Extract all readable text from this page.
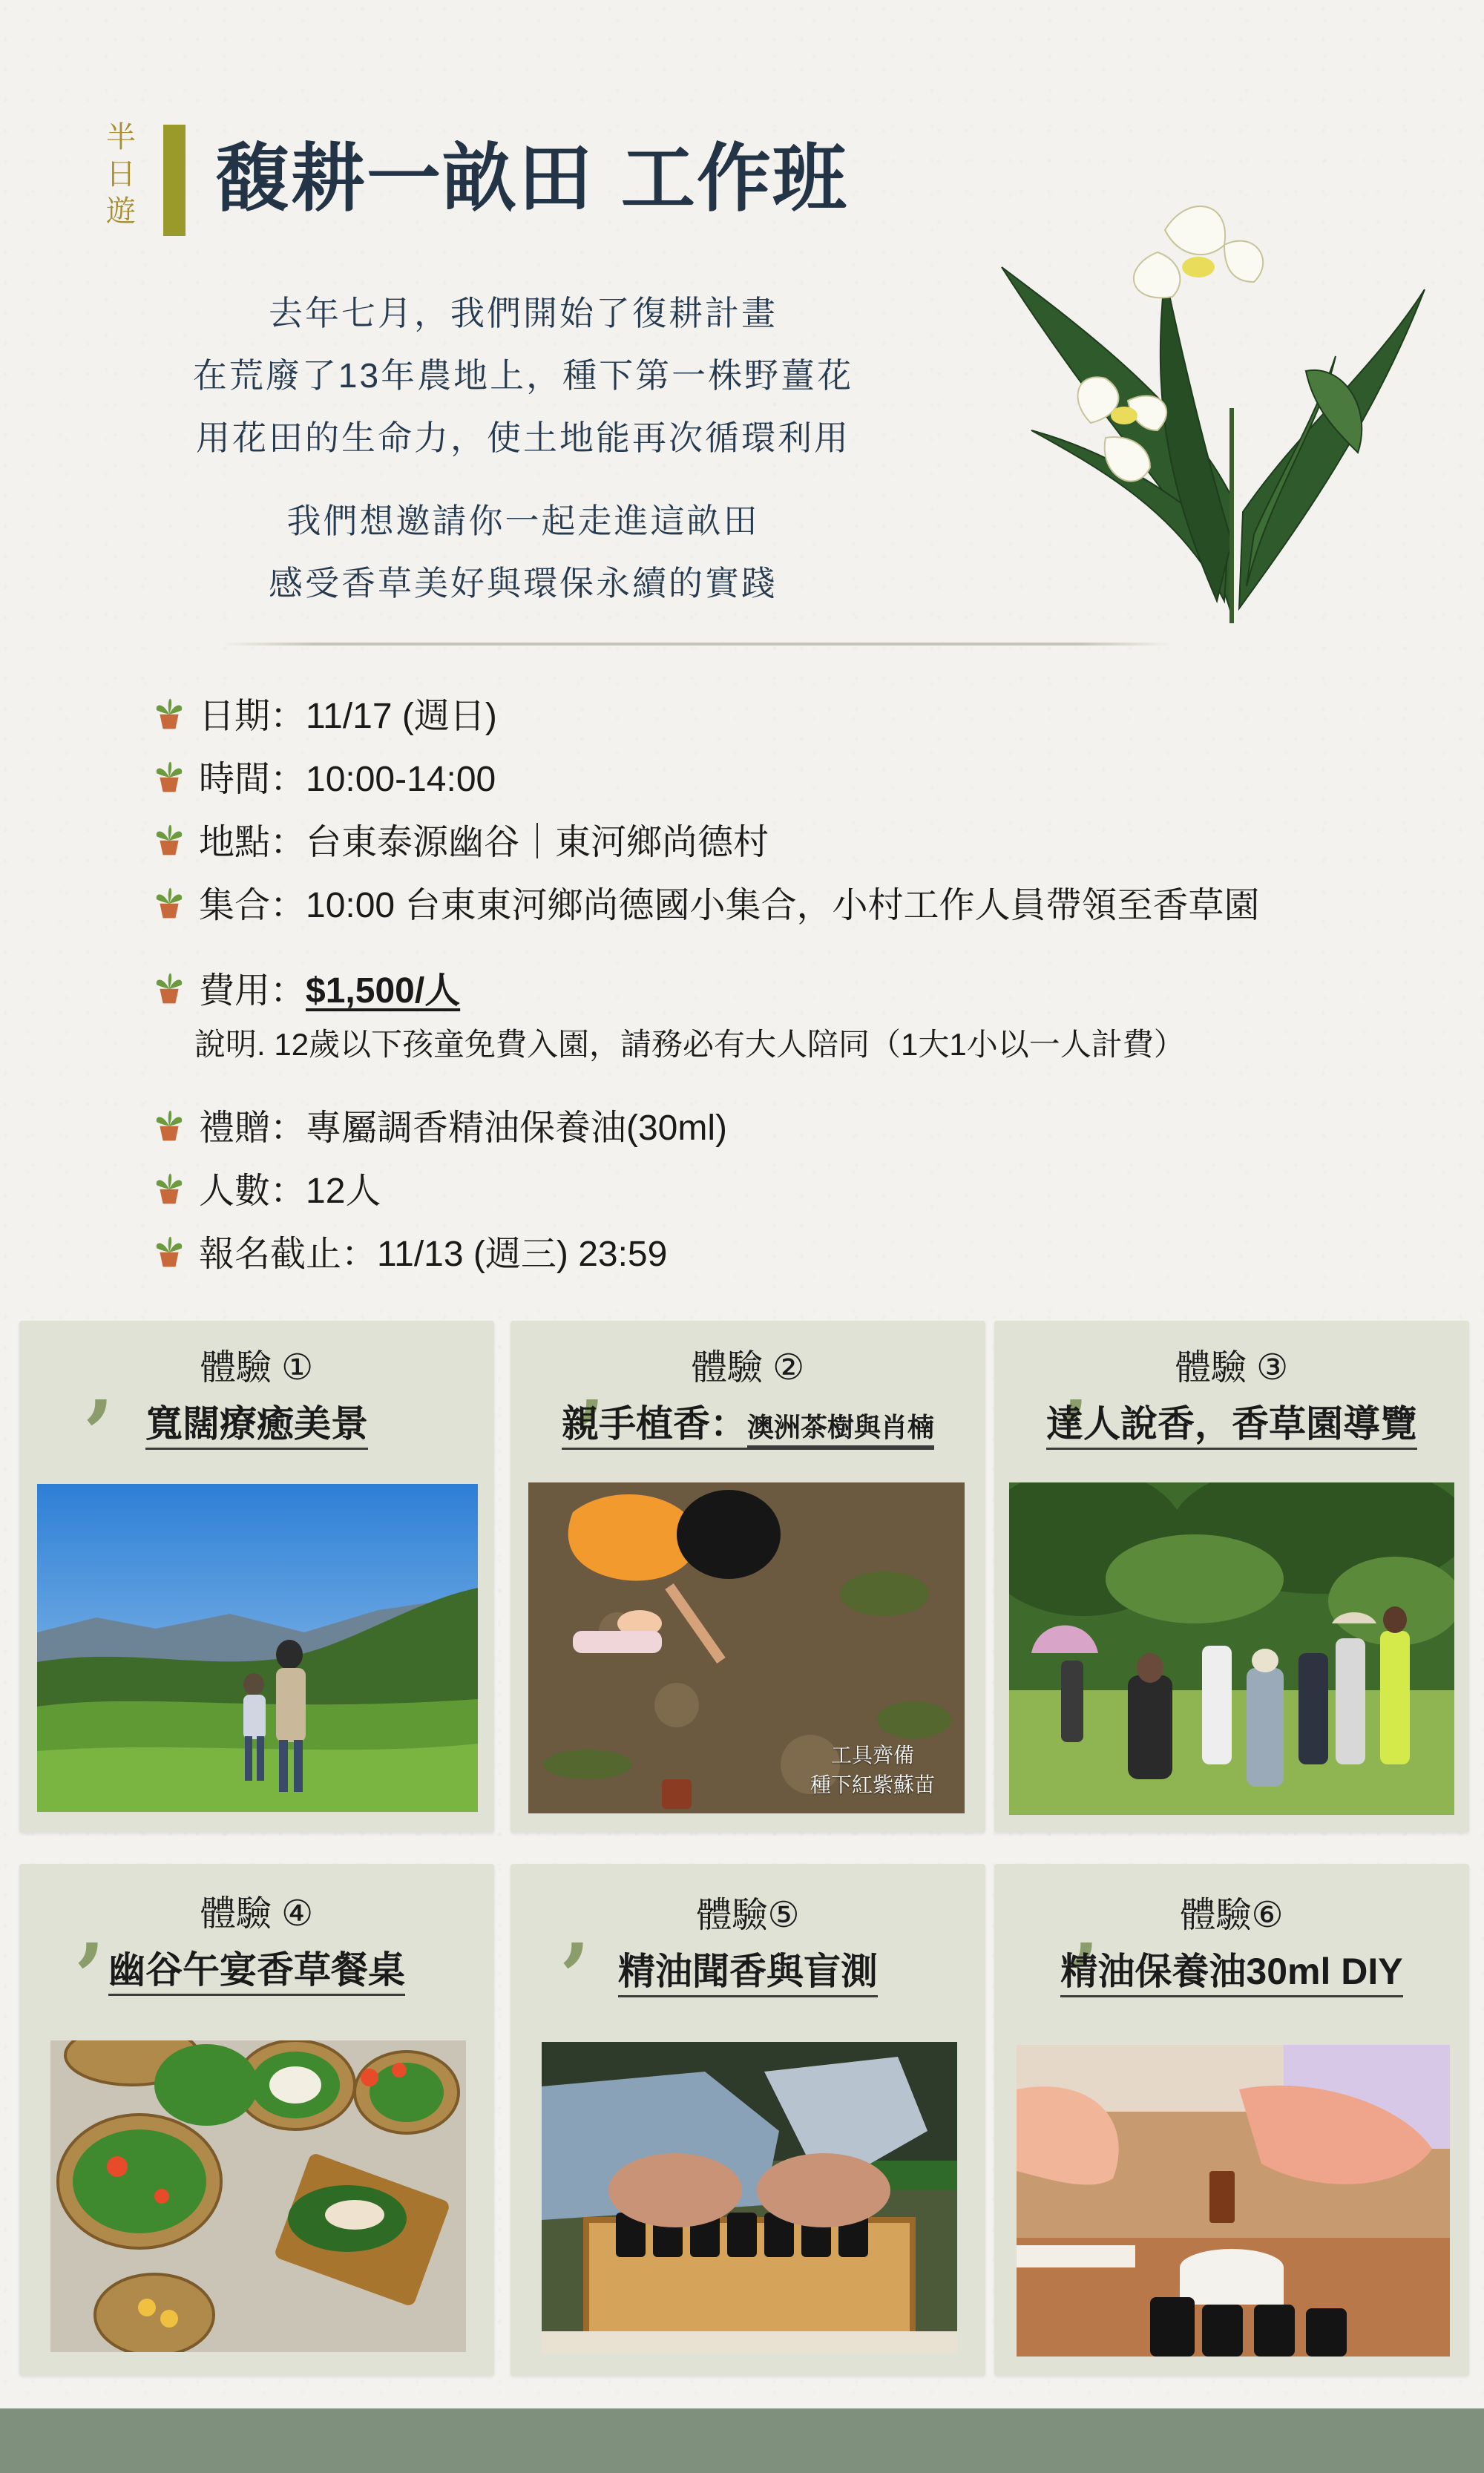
半
日
遊 馥耕一畝田 工作班

去年七月，我們開始了復耕計畫

在荒廢了13年農地上，種下第一株野薑花

用花田的生命力，使土地能再次循環利用

我們想邀請你一起走進這畝田

感受香草美好與環保永續的實踐

日期：11/17 (週日)
時間：10:00-14:00
地點：台東泰源幽谷｜東河鄉尚德村
集合：10:00 台東東河鄉尚德國小集合，小村工作人員帶領至香草園
費用： $1,500/人
說明. 12歲以下孩童免費入園，請務必有大人陪同（1大1小以一人計費）
禮贈：專屬調香精油保養油(30ml)
人數：12人
報名截止：11/13 (週三) 23:59
,	體驗 ①
寬闊療癒美景	,	體驗 ②
親手植香：澳洲茶樹與肖楠
工具齊備
種下紅紫蘇苗
,	體驗 ③
達人說香，香草園導覽
,	體驗 ④
幽谷午宴香草餐桌	,	體驗⑤
精油聞香與盲測	,	體驗⑥
精油保養油30ml DIY
